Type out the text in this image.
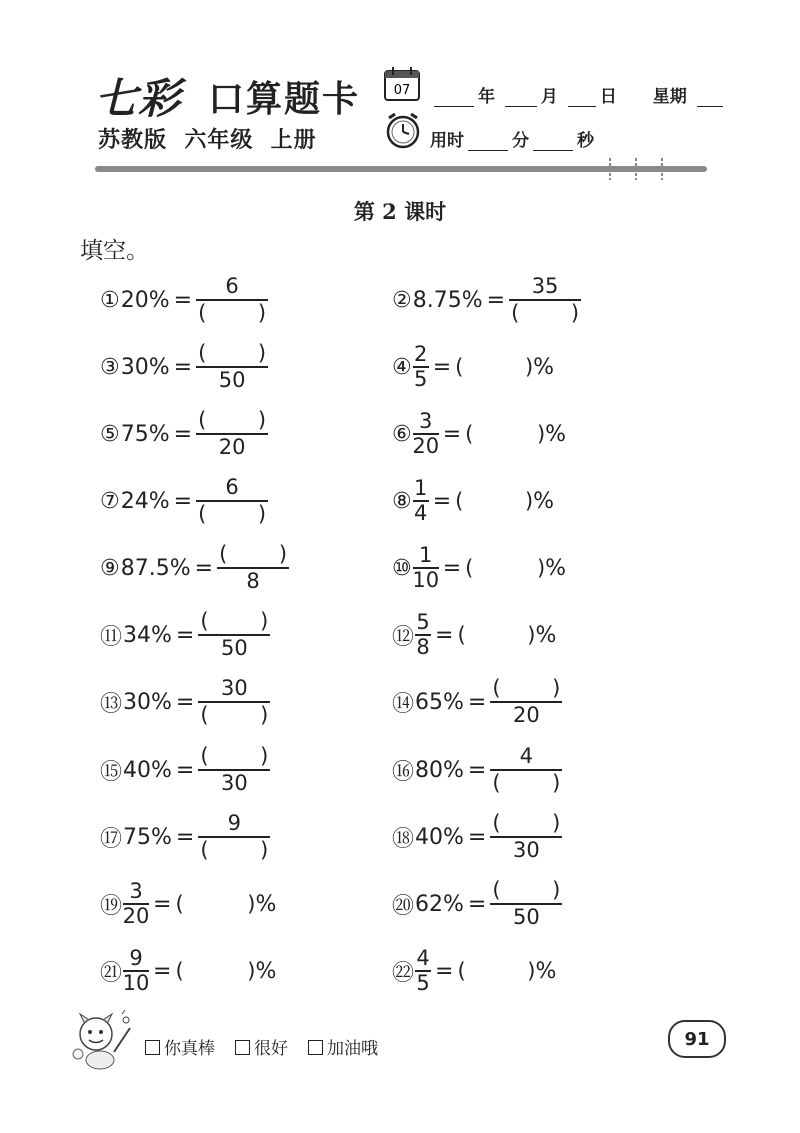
七彩 口算题卡
苏教版  六年级  上册
07	年	月 日 星期
用时	分	秒
第 2 课时
填空。
① 20 % = $\frac{6}{( )}$	② 8.75 % = $\frac{35}{( )}$
③ 30 % = $\frac{( )}{50}$	④ $\frac{2}{5}$ = (	) %
⑤ 75 % = $\frac{( )}{20}$	⑥ $\frac{3}{20}$ = (	) %
⑦ 24 % = $\frac{6}{( )}$	⑧ $\frac{1}{4}$ = (	) %
⑨ 87.5 % = $\frac{( )}{8}$	⑩ $\frac{1}{10}$ = (	) %
⑪ 34 % = $\frac{( )}{50}$	⑫ $\frac{5}{8}$ = (	) %
⑬ 30 % = $\frac{30}{( )}$	⑭ 65 % = $\frac{( )}{20}$
⑮ 40 % = $\frac{( )}{30}$	⑯ 80 % = $\frac{4}{( )}$
⑰ 75 % = $\frac{9}{( )}$	⑱ 40 % = $\frac{( )}{30}$
⑲ $\frac{3}{20}$ = (	) %	⑳ 62 % = $\frac{( )}{50}$
㉑ $\frac{9}{10}$ = (	) %	㉒ $\frac{4}{5}$ = (	) %
你真棒	很好	加油哦	91
